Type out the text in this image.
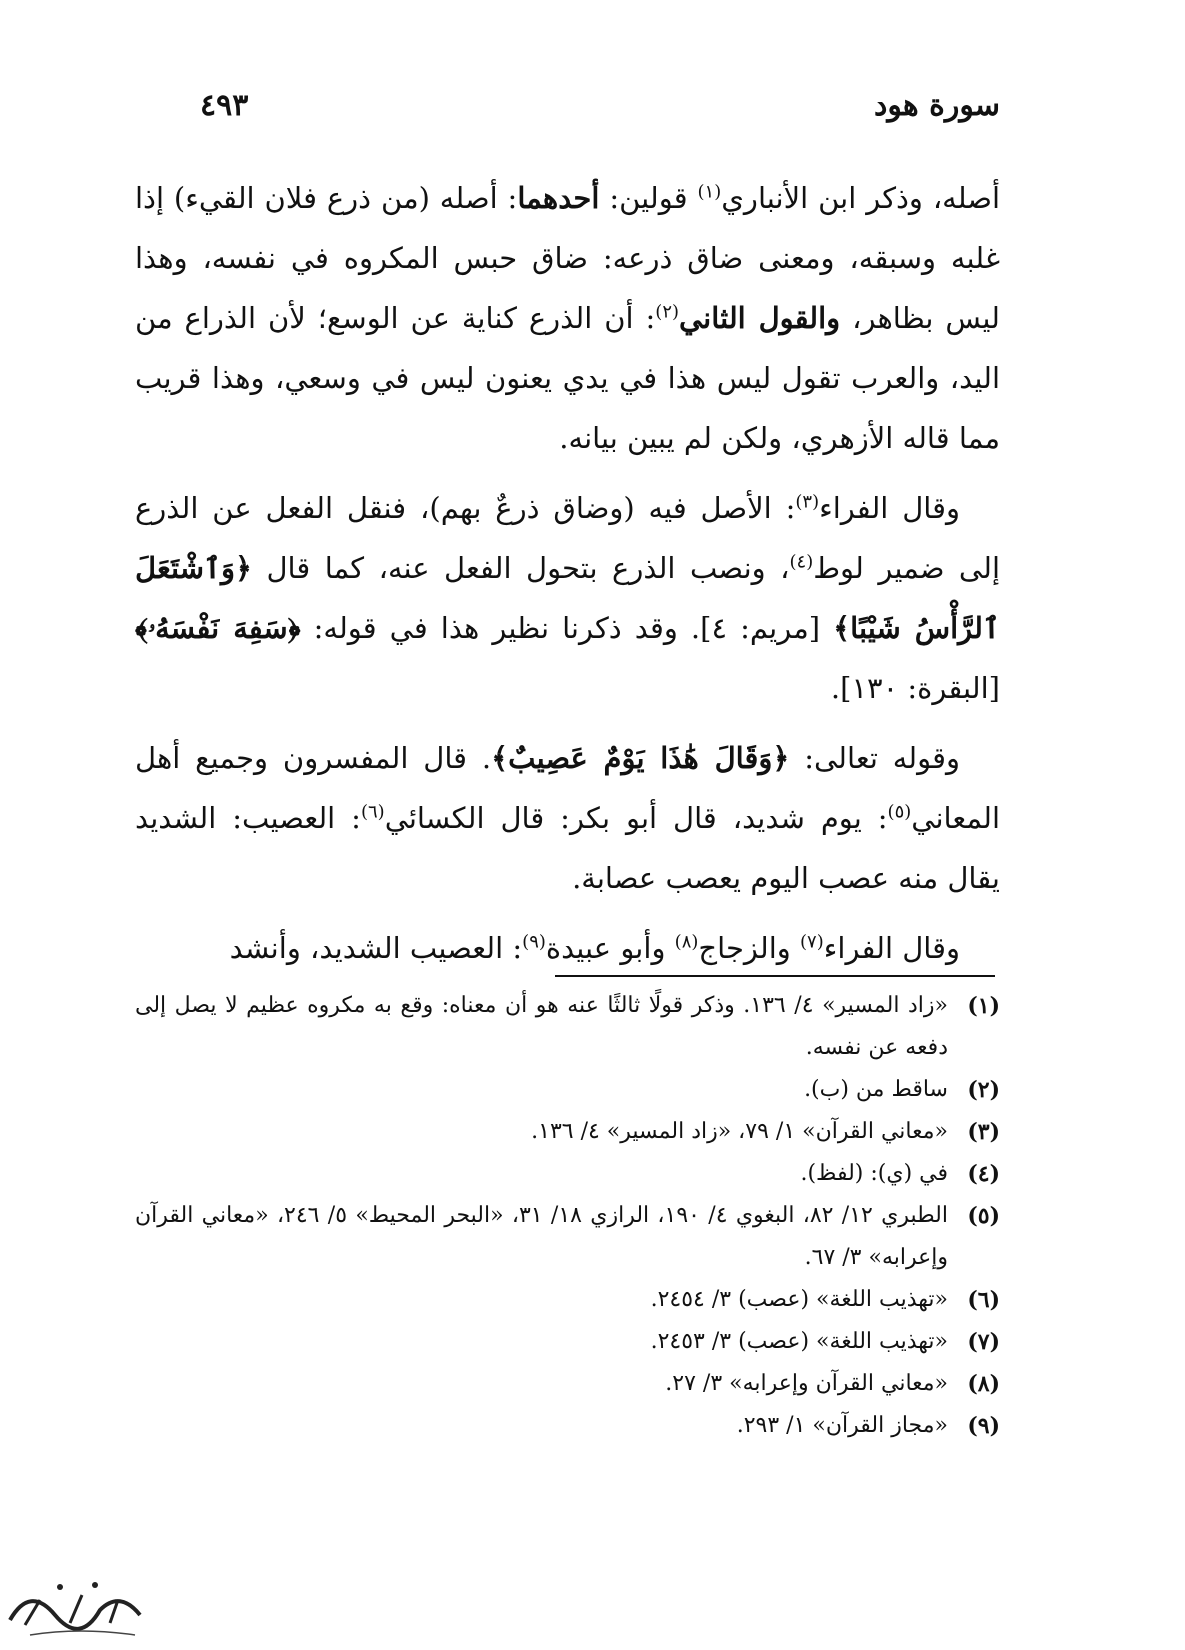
سورة هود
٤٩٣

أصله، وذكر ابن الأنباري$^{(١)}$ قولين: أحدهما: أصله (من ذرع فلان القيء) إذا غلبه وسبقه، ومعنى ضاق ذرعه: ضاق حبس المكروه في نفسه، وهذا ليس بظاهر، والقول الثاني$^{(٢)}$: أن الذرع كناية عن الوسع؛ لأن الذراع من اليد، والعرب تقول ليس هذا في يدي يعنون ليس في وسعي، وهذا قريب مما قاله الأزهري، ولكن لم يبين بيانه.

وقال الفراء$^{(٣)}$: الأصل فيه (وضاق ذرعٌ بهم)، فنقل الفعل عن الذرع إلى ضمير لوط$^{(٤)}$، ونصب الذرع بتحول الفعل عنه، كما قال ﴿وَٱشْتَعَلَ ٱلرَّأْسُ شَيْبًا﴾ [مريم: ٤]. وقد ذكرنا نظير هذا في قوله: ﴿سَفِهَ نَفْسَهُۥ﴾ [البقرة: ١٣٠].

وقوله تعالى: ﴿وَقَالَ هَٰذَا يَوْمٌ عَصِيبٌ﴾. قال المفسرون وجميع أهل المعاني$^{(٥)}$: يوم شديد، قال أبو بكر: قال الكسائي$^{(٦)}$: العصيب: الشديد يقال منه عصب اليوم يعصب عصابة.

وقال الفراء$^{(٧)}$ والزجاج$^{(٨)}$ وأبو عبيدة$^{(٩)}$: العصيب الشديد، وأنشد

(١)
«زاد المسير» ٤/ ١٣٦. وذكر قولًا ثالثًا عنه هو أن معناه: وقع به مكروه عظيم لا يصل إلى دفعه عن نفسه.
(٢)
ساقط من (ب).
(٣)
«معاني القرآن» ١/ ٧٩، «زاد المسير» ٤/ ١٣٦.
(٤)
في (ي): (لفظ).
(٥)
الطبري ١٢/ ٨٢، البغوي ٤/ ١٩٠، الرازي ١٨/ ٣١، «البحر المحيط» ٥/ ٢٤٦، «معاني القرآن وإعرابه» ٣/ ٦٧.
(٦)
«تهذيب اللغة» (عصب) ٣/ ٢٤٥٤.
(٧)
«تهذيب اللغة» (عصب) ٣/ ٢٤٥٣.
(٨)
«معاني القرآن وإعرابه» ٣/ ٢٧.
(٩)
«مجاز القرآن» ١/ ٢٩٣.
